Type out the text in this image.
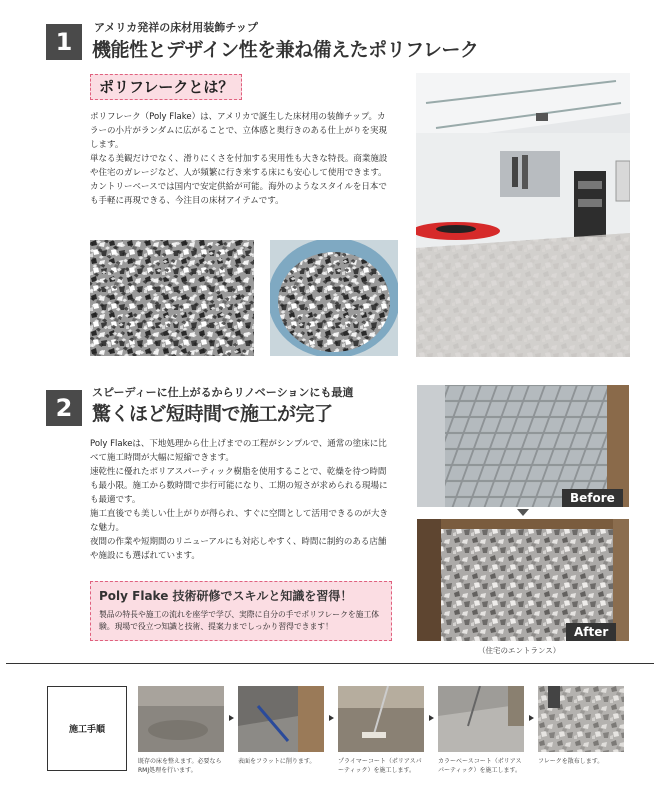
1
アメリカ発祥の床材用装飾チップ
機能性とデザイン性を兼ね備えたポリフレーク
ポリフレークとは？

ポリフレーク（Poly Flake）は、アメリカで誕生した床材用の装飾チップ。カラーの小片がランダムに広がることで、立体感と奥行きのある仕上がりを実現します。

単なる美観だけでなく、滑りにくさを付加する実用性も大きな特長。商業施設や住宅のガレージなど、人が頻繁に行き来する床にも安心して使用できます。

カントリーベースでは国内で安定供給が可能。海外のようなスタイルを日本でも手軽に再現できる、今注目の床材アイテムです。

2
スピーディーに仕上がるからリノベーションにも最適
驚くほど短時間で施工が完了

Poly Flakeは、下地処理から仕上げまでの工程がシンプルで、通常の塗床に比べて施工時間が大幅に短縮できます。

速乾性に優れたポリアスパーティック樹脂を使用することで、乾燥を待つ時間も最小限。施工から数時間で歩行可能になり、工期の短さが求められる現場にも最適です。

施工直後でも美しい仕上がりが得られ、すぐに空間として活用できるのが大きな魅力。

夜間の作業や短期間のリニューアルにも対応しやすく、時間に制約のある店舗や施設にも選ばれています。

Before
After
（住宅のエントランス）
Poly Flake 技術研修でスキルと知識を習得！
製品の特長や施工の流れを座学で学び、実際に自分の手でポリフレークを施工体験。現場で役立つ知識と技術、提案力までしっかり習得できます！
施工手順
既存の床を整えます。必要ならRMJ処理を行います。
表面をフラットに削ります。	プライマーコート（ポリアスパーティック）を施工します。
カラーベースコート（ポリアスパーティック）を施工します。
フレークを散布します。
